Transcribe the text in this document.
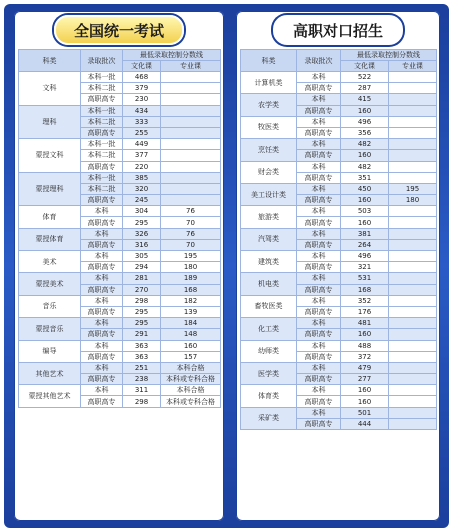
全国统一考试
科类	录取批次	最低录取控制分数线	
		文化课	专业课
文科	本科一批	468	
	本科二批	379	
	高职高专	230	
理科	本科一批	434	
	本科二批	333	
	高职高专	255	
蒙授文科	本科一批	449	
	本科二批	377	
	高职高专	220	
蒙授理科	本科一批	385	
	本科二批	320	
	高职高专	245	
体育	本科	304	76
	高职高专	295	70
蒙授体育	本科	326	76
	高职高专	316	70
美术	本科	305	195
	高职高专	294	180
蒙授美术	本科	281	189
	高职高专	270	168
音乐	本科	298	182
	高职高专	295	139
蒙授音乐	本科	295	184
	高职高专	291	148
编导	本科	363	160
	高职高专	363	157
其他艺术	本科	251	本科合格
	高职高专	238	本科或专科合格
蒙授其他艺术	本科	311	本科合格
	高职高专	298	本科或专科合格
高职对口招生
科类	录取批次	最低录取控制分数线	
		文化课	专业课
计算机类	本科	522	
	高职高专	287	
农学类	本科	415	
	高职高专	160	
牧医类	本科	496	
	高职高专	356	
烹饪类	本科	482	
	高职高专	160	
财会类	本科	482	
	高职高专	351	
美工设计类	本科	450	195
	高职高专	160	180
旅游类	本科	503	
	高职高专	160	
汽驾类	本科	381	
	高职高专	264	
建筑类	本科	496	
	高职高专	321	
机电类	本科	531	
	高职高专	168	
畜牧医类	本科	352	
	高职高专	176	
化工类	本科	481	
	高职高专	160	
幼师类	本科	488	
	高职高专	372	
医学类	本科	479	
	高职高专	277	
体育类	本科	160	
	高职高专	160	
采矿类	本科	501	
	高职高专	444	
